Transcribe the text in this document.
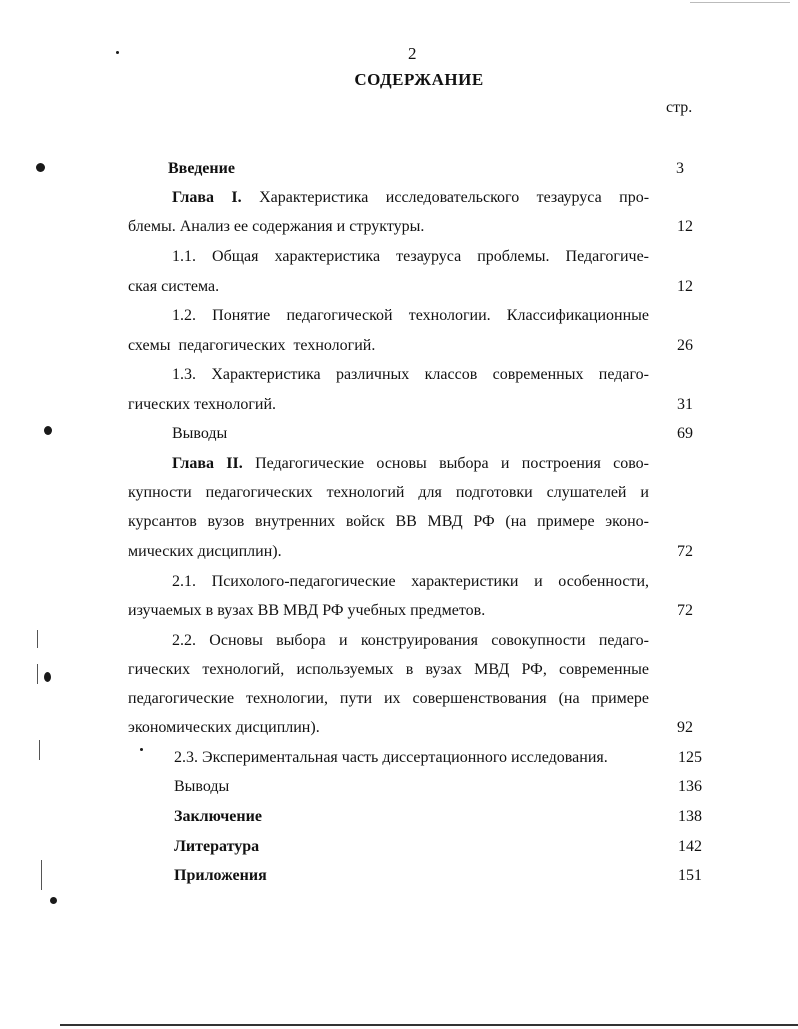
2
СОДЕРЖАНИЕ
стр.
Введение	3
Глава I. Характеристика исследовательского тезауруса про-
блемы. Анализ ее содержания и структуры.	12
1.1. Общая характеристика тезауруса проблемы. Педагогиче-
ская система.	12
1.2. Понятие педагогической технологии. Классификационные
схемы педагогических технологий.	26
1.3. Характеристика различных классов современных педаго-
гических технологий.	31
Выводы	69
Глава II. Педагогические основы выбора и построения сово-
купности педагогических технологий для подготовки слушателей и
курсантов вузов внутренних войск ВВ МВД РФ (на примере эконо-
мических дисциплин).	72
2.1. Психолого-педагогические характеристики и особенности,
изучаемых в вузах ВВ МВД РФ учебных предметов.	72
2.2. Основы выбора и конструирования совокупности педаго-
гических технологий, используемых в вузах МВД РФ, современные
педагогические технологии, пути их совершенствования (на примере
экономических дисциплин).	92
2.3. Экспериментальная часть диссертационного исследования.	125
Выводы	136
Заключение	138
Литература	142
Приложения	151
